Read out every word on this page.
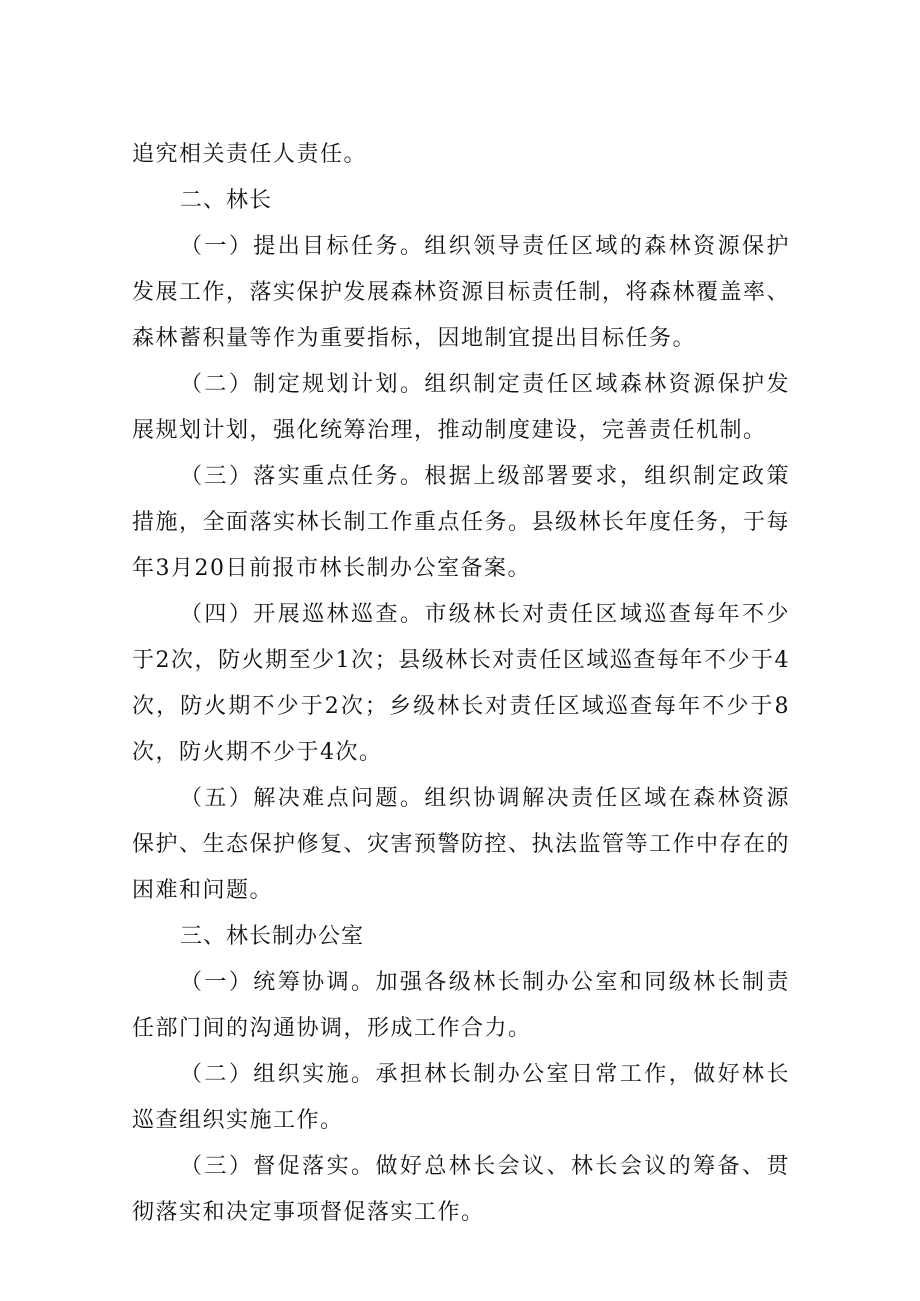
追究相关责任人责任。

二、林长

（一）提出目标任务。组织领导责任区域的森林资源保护发展工作，落实保护发展森林资源目标责任制，将森林覆盖率、森林蓄积量等作为重要指标，因地制宜提出目标任务。

（二）制定规划计划。组织制定责任区域森林资源保护发展规划计划，强化统筹治理，推动制度建设，完善责任机制。

（三）落实重点任务。根据上级部署要求，组织制定政策措施，全面落实林长制工作重点任务。县级林长年度任务，于每年3月20日前报市林长制办公室备案。

（四）开展巡林巡查。市级林长对责任区域巡查每年不少于2次，防火期至少1次；县级林长对责任区域巡查每年不少于4次，防火期不少于2次；乡级林长对责任区域巡查每年不少于8次，防火期不少于4次。

（五）解决难点问题。组织协调解决责任区域在森林资源保护、生态保护修复、灾害预警防控、执法监管等工作中存在的困难和问题。

三、林长制办公室

（一）统筹协调。加强各级林长制办公室和同级林长制责任部门间的沟通协调，形成工作合力。

（二）组织实施。承担林长制办公室日常工作，做好林长巡查组织实施工作。

（三）督促落实。做好总林长会议、林长会议的筹备、贯彻落实和决定事项督促落实工作。
